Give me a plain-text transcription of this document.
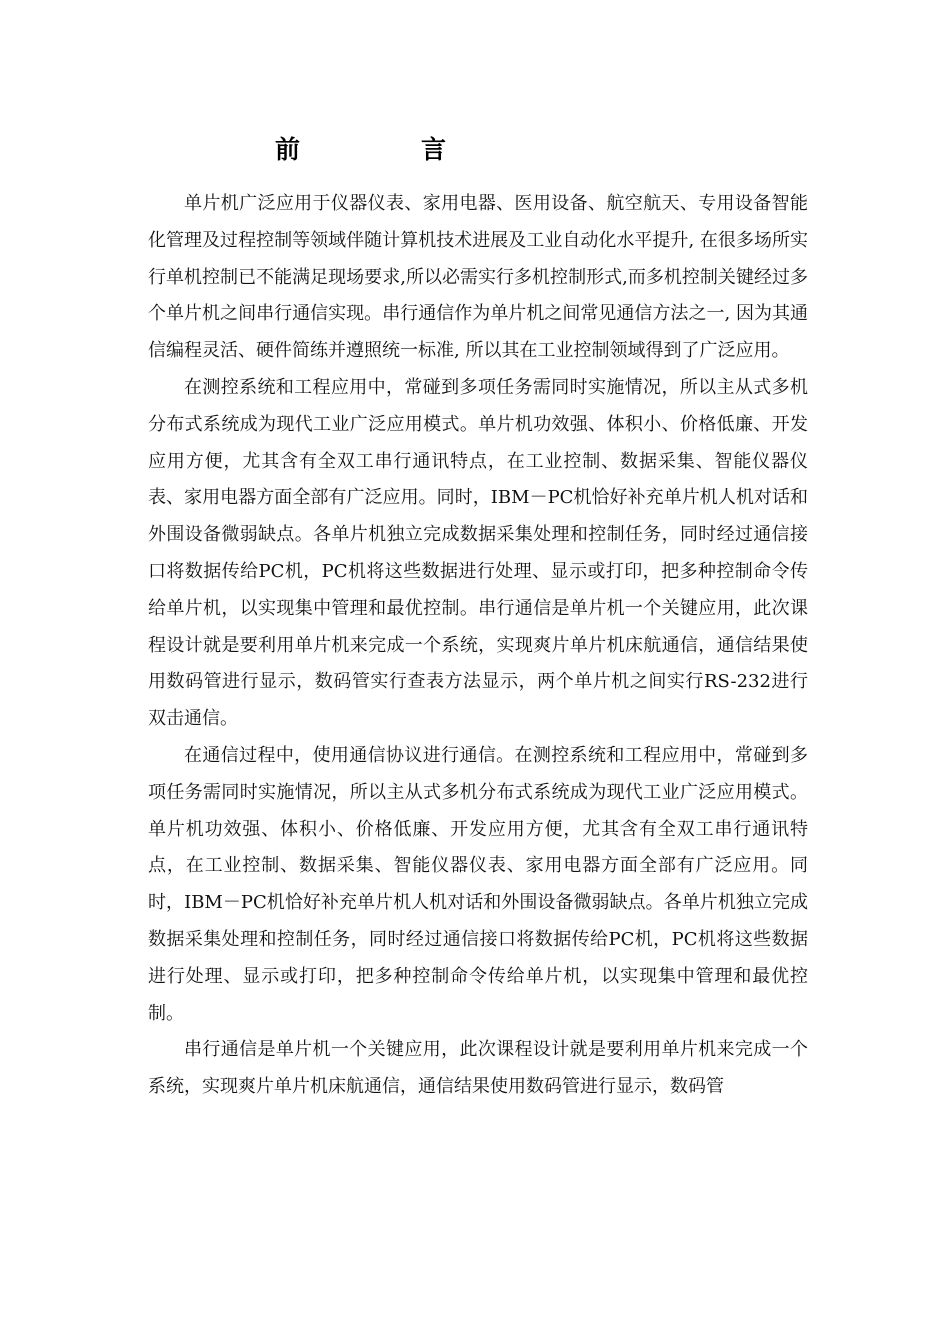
前　言

单片机广泛应用于仪器仪表、家用电器、医用设备、航空航天、专用设备智能化管理及过程控制等领域伴随计算机技术进展及工业自动化水平提升, 在很多场所实行单机控制已不能满足现场要求,所以必需实行多机控制形式,而多机控制关键经过多个单片机之间串行通信实现。串行通信作为单片机之间常见通信方法之一, 因为其通信编程灵活、硬件简练并遵照统一标准, 所以其在工业控制领域得到了广泛应用。

在测控系统和工程应用中，常碰到多项任务需同时实施情况，所以主从式多机分布式系统成为现代工业广泛应用模式。单片机功效强、体积小、价格低廉、开发应用方便，尤其含有全双工串行通讯特点，在工业控制、数据采集、智能仪器仪表、家用电器方面全部有广泛应用。同时，IBM－PC机恰好补充单片机人机对话和外围设备微弱缺点。各单片机独立完成数据采集处理和控制任务，同时经过通信接口将数据传给PC机，PC机将这些数据进行处理、显示或打印，把多种控制命令传给单片机，以实现集中管理和最优控制。串行通信是单片机一个关键应用，此次课程设计就是要利用单片机来完成一个系统，实现爽片单片机床航通信，通信结果使用数码管进行显示，数码管实行查表方法显示，两个单片机之间实行RS-232进行双击通信。

在通信过程中，使用通信协议进行通信。在测控系统和工程应用中，常碰到多项任务需同时实施情况，所以主从式多机分布式系统成为现代工业广泛应用模式。单片机功效强、体积小、价格低廉、开发应用方便，尤其含有全双工串行通讯特点，在工业控制、数据采集、智能仪器仪表、家用电器方面全部有广泛应用。同时，IBM－PC机恰好补充单片机人机对话和外围设备微弱缺点。各单片机独立完成数据采集处理和控制任务，同时经过通信接口将数据传给PC机，PC机将这些数据进行处理、显示或打印，把多种控制命令传给单片机，以实现集中管理和最优控制。

串行通信是单片机一个关键应用，此次课程设计就是要利用单片机来完成一个系统，实现爽片单片机床航通信，通信结果使用数码管进行显示，数码管
